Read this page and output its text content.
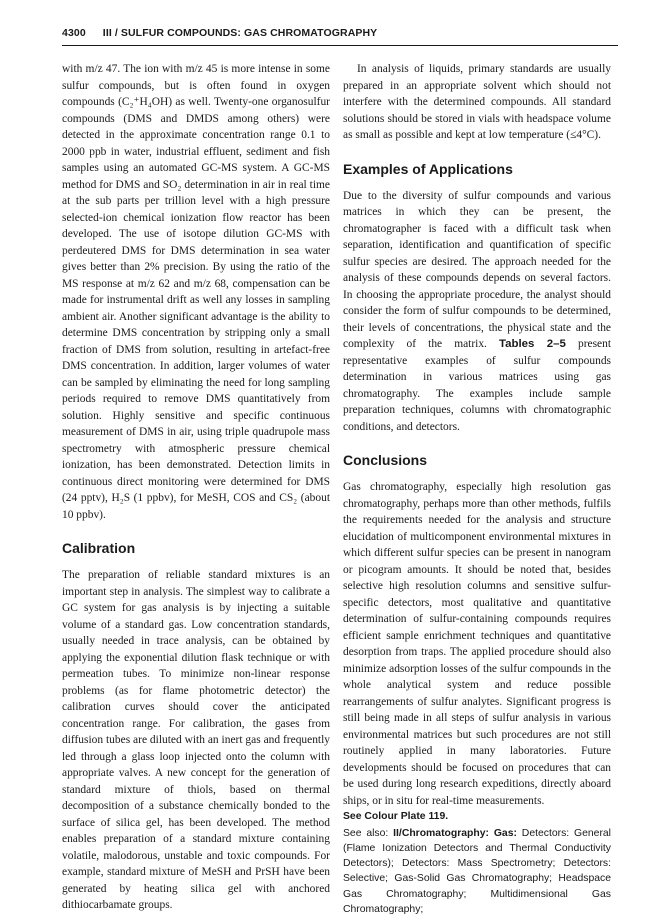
4300 III / SULFUR COMPOUNDS: GAS CHROMATOGRAPHY

with m/z 47. The ion with m/z 45 is more intense in some sulfur compounds, but is often found in oxygen compounds (C₂⁺H₄OH) as well. Twenty-one organosulfur compounds (DMS and DMDS among others) were detected in the approximate concentration range 0.1 to 2000 ppb in water, industrial effluent, sediment and fish samples using an automated GC-MS system. A GC-MS method for DMS and SO₂ determination in air in real time at the sub parts per trillion level with a high pressure selected-ion chemical ionization flow reactor has been developed. The use of isotope dilution GC-MS with perdeutered DMS for DMS determination in sea water gives better than 2% precision. By using the ratio of the MS response at m/z 62 and m/z 68, compensation can be made for instrumental drift as well any losses in sampling ambient air. Another significant advantage is the ability to determine DMS concentration by stripping only a small fraction of DMS from solution, resulting in artefact-free DMS concentration. In addition, larger volumes of water can be sampled by eliminating the need for long sampling periods required to remove DMS quantitatively from solution. Highly sensitive and specific continuous measurement of DMS in air, using triple quadrupole mass spectrometry with atmospheric pressure chemical ionization, has been demonstrated. Detection limits in continuous direct monitoring were determined for DMS (24 pptv), H₂S (1 ppbv), for MeSH, COS and CS₂ (about 10 ppbv).

Calibration

The preparation of reliable standard mixtures is an important step in analysis. The simplest way to calibrate a GC system for gas analysis is by injecting a suitable volume of a standard gas. Low concentration standards, usually needed in trace analysis, can be obtained by applying the exponential dilution flask technique or with permeation tubes. To minimize non-linear response problems (as for flame photometric detector) the calibration curves should cover the anticipated concentration range. For calibration, the gases from diffusion tubes are diluted with an inert gas and frequently led through a glass loop injected onto the column with appropriate valves. A new concept for the generation of standard mixture of thiols, based on thermal decomposition of a substance chemically bonded to the surface of silica gel, has been developed. The method enables preparation of a standard mixture containing volatile, malodorous, unstable and toxic compounds. For example, standard mixture of MeSH and PrSH have been generated by heating silica gel with anchored dithiocarbamate groups.

In analysis of liquids, primary standards are usually prepared in an appropriate solvent which should not interfere with the determined compounds. All standard solutions should be stored in vials with headspace volume as small as possible and kept at low temperature (≤4°C).

Examples of Applications

Due to the diversity of sulfur compounds and various matrices in which they can be present, the chromatographer is faced with a difficult task when separation, identification and quantification of specific sulfur species are desired. The approach needed for the analysis of these compounds depends on several factors. In choosing the appropriate procedure, the analyst should consider the form of sulfur compounds to be determined, their levels of concentrations, the physical state and the complexity of the matrix. Tables 2–5 present representative examples of sulfur compounds determination in various matrices using gas chromatography. The examples include sample preparation techniques, columns with chromatographic conditions, and detectors.

Conclusions

Gas chromatography, especially high resolution gas chromatography, perhaps more than other methods, fulfils the requirements needed for the analysis and structure elucidation of multicomponent environmental mixtures in which different sulfur species can be present in nanogram or picogram amounts. It should be noted that, besides selective high resolution columns and sensitive sulfur-specific detectors, most qualitative and quantitative determination of sulfur-containing compounds requires efficient sample enrichment techniques and quantitative desorption from traps. The applied procedure should also minimize adsorption losses of the sulfur compounds in the whole analytical system and reduce possible rearrangements of sulfur analytes. Significant progress is still being made in all steps of sulfur analysis in various environmental matrices but such procedures are not still routinely applied in many laboratories. Future developments should be focused on procedures that can be used during long research expeditions, directly aboard ships, or in situ for real-time measurements.

See Colour Plate 119.

See also: II/Chromatography: Gas: Detectors: General (Flame Ionization Detectors and Thermal Conductivity Detectors); Detectors: Mass Spectrometry; Detectors: Selective; Gas-Solid Gas Chromatography; Headspace Gas Chromatography; Multidimensional Gas Chromatography;
